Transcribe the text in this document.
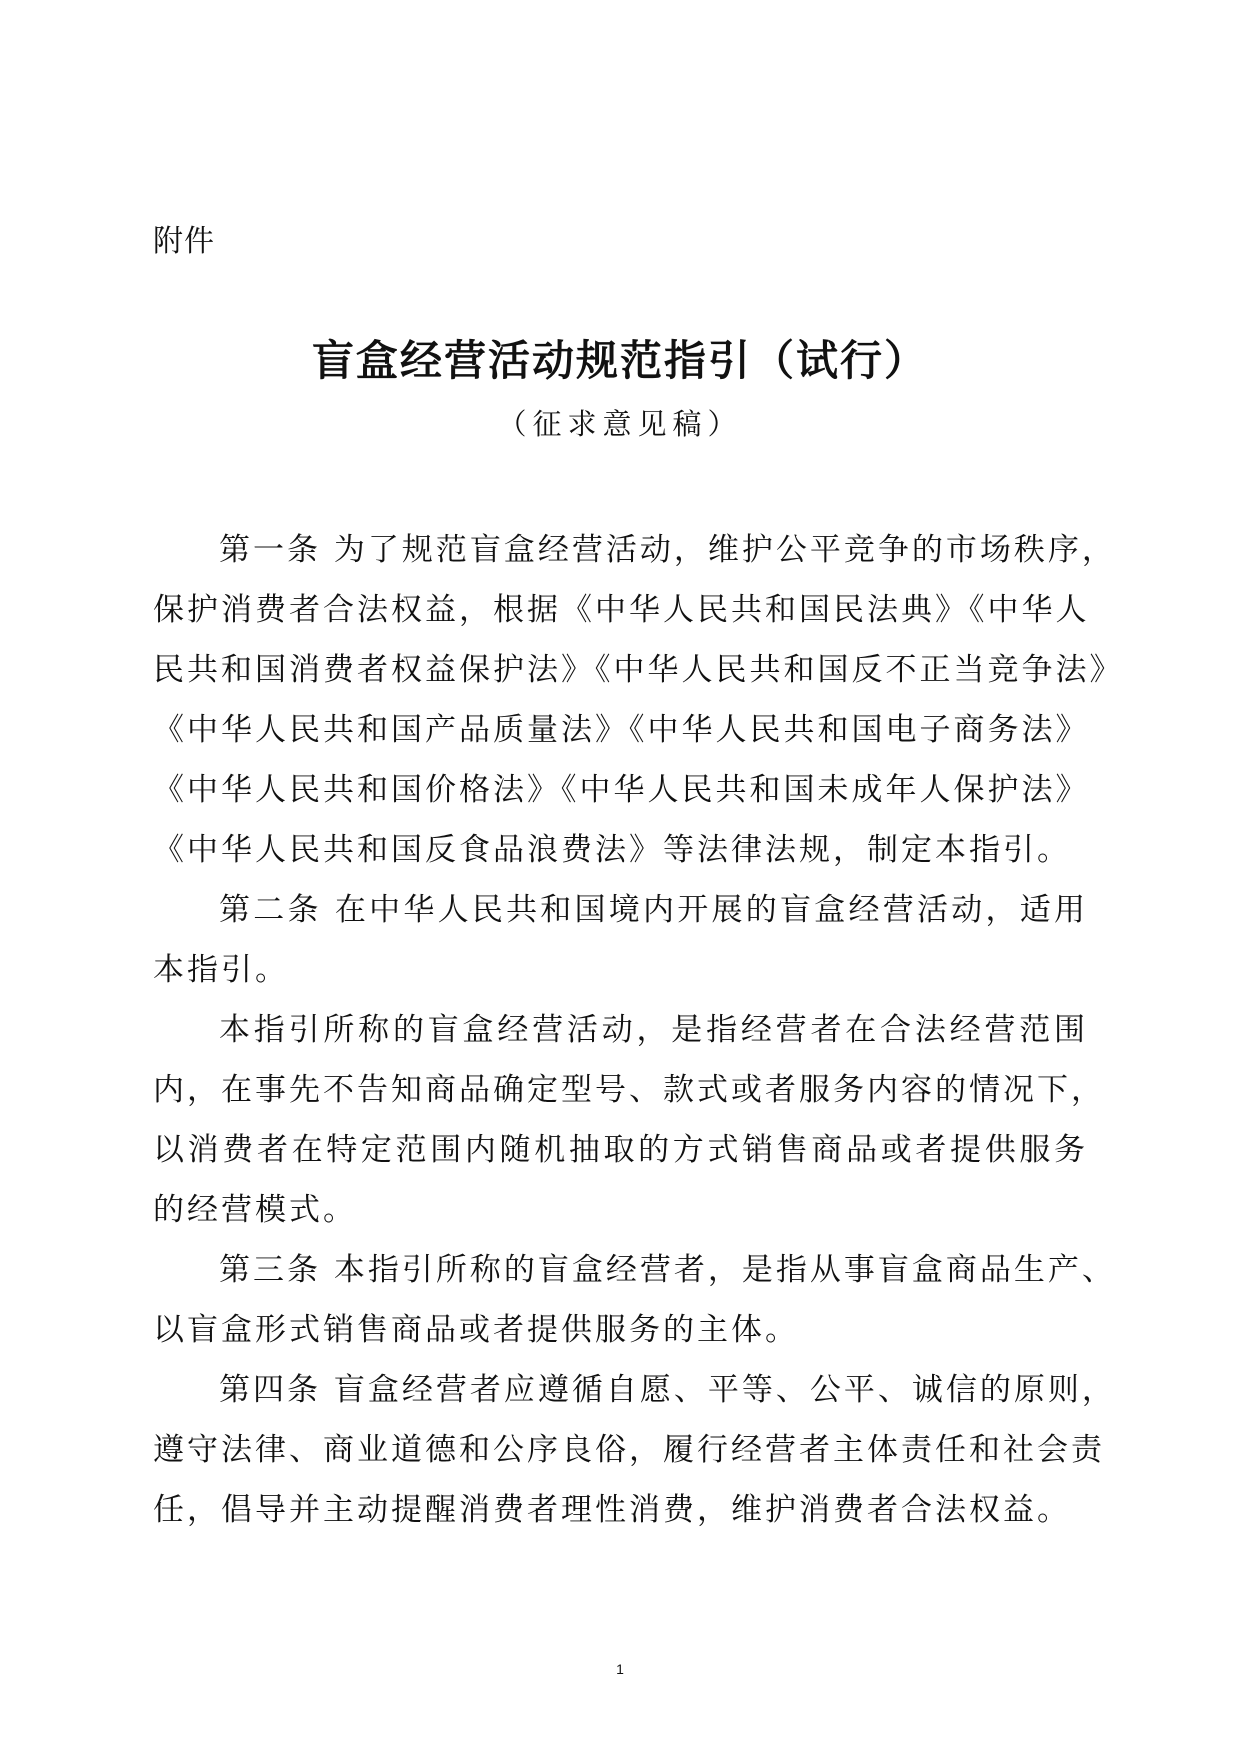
附件
盲盒经营活动规范指引（试行）
（征求意见稿）

第一条 为了规范盲盒经营活动，维护公平竞争的市场秩序，
保护消费者合法权益，根据《中华人民共和国民法典》《中华人
民共和国消费者权益保护法》《中华人民共和国反不正当竞争法》
《中华人民共和国产品质量法》《中华人民共和国电子商务法》
《中华人民共和国价格法》《中华人民共和国未成年人保护法》
《中华人民共和国反食品浪费法》等法律法规，制定本指引。

第二条 在中华人民共和国境内开展的盲盒经营活动，适用
本指引。

本指引所称的盲盒经营活动，是指经营者在合法经营范围
内，在事先不告知商品确定型号、款式或者服务内容的情况下，
以消费者在特定范围内随机抽取的方式销售商品或者提供服务
的经营模式。

第三条 本指引所称的盲盒经营者，是指从事盲盒商品生产、
以盲盒形式销售商品或者提供服务的主体。

第四条 盲盒经营者应遵循自愿、平等、公平、诚信的原则，
遵守法律、商业道德和公序良俗，履行经营者主体责任和社会责
任，倡导并主动提醒消费者理性消费，维护消费者合法权益。

1
